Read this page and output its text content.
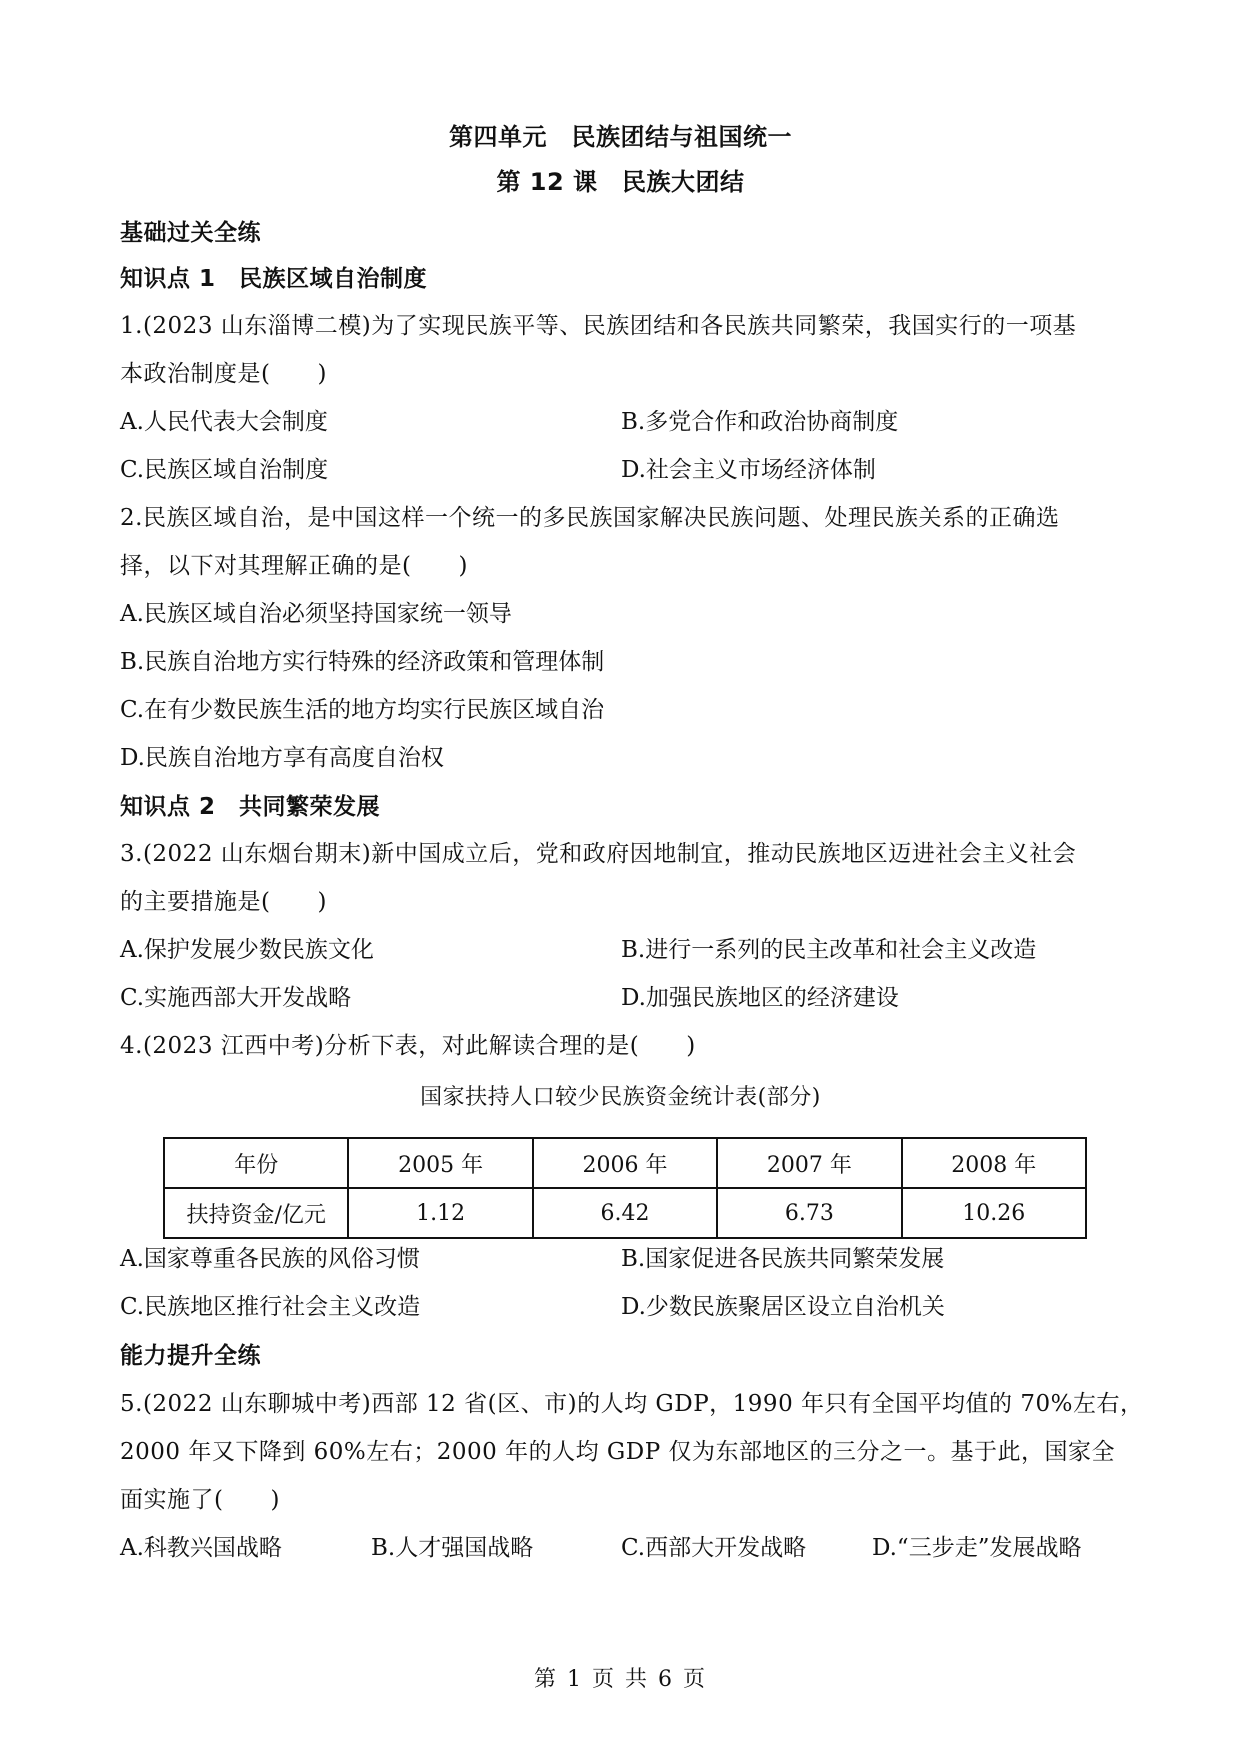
第四单元　民族团结与祖国统一
第 12 课　民族大团结
基础过关全练
知识点 1　民族区域自治制度
1.(2023 山东淄博二模)为了实现民族平等、民族团结和各民族共同繁荣，我国实行的一项基
本政治制度是(　　)
A.人民代表大会制度	B.多党合作和政治协商制度
C.民族区域自治制度	D.社会主义市场经济体制
2.民族区域自治，是中国这样一个统一的多民族国家解决民族问题、处理民族关系的正确选
择，以下对其理解正确的是(　　)
A.民族区域自治必须坚持国家统一领导
B.民族自治地方实行特殊的经济政策和管理体制
C.在有少数民族生活的地方均实行民族区域自治
D.民族自治地方享有高度自治权
知识点 2　共同繁荣发展
3.(2022 山东烟台期末)新中国成立后，党和政府因地制宜，推动民族地区迈进社会主义社会
的主要措施是(　　)
A.保护发展少数民族文化	B.进行一系列的民主改革和社会主义改造
C.实施西部大开发战略	D.加强民族地区的经济建设
4.(2023 江西中考)分析下表，对此解读合理的是(　　)
国家扶持人口较少民族资金统计表(部分)
年份	2005 年	2006 年	2007 年	2008 年
扶持资金/亿元	1.12	6.42	6.73	10.26
A.国家尊重各民族的风俗习惯	B.国家促进各民族共同繁荣发展
C.民族地区推行社会主义改造	D.少数民族聚居区设立自治机关
能力提升全练
5.(2022 山东聊城中考)西部 12 省(区、市)的人均 GDP，1990 年只有全国平均值的 70%左右，
2000 年又下降到 60%左右；2000 年的人均 GDP 仅为东部地区的三分之一。基于此，国家全
面实施了(　　)
A.科教兴国战略	B.人才强国战略	C.西部大开发战略	D.“三步走”发展战略
第 1 页 共 6 页
